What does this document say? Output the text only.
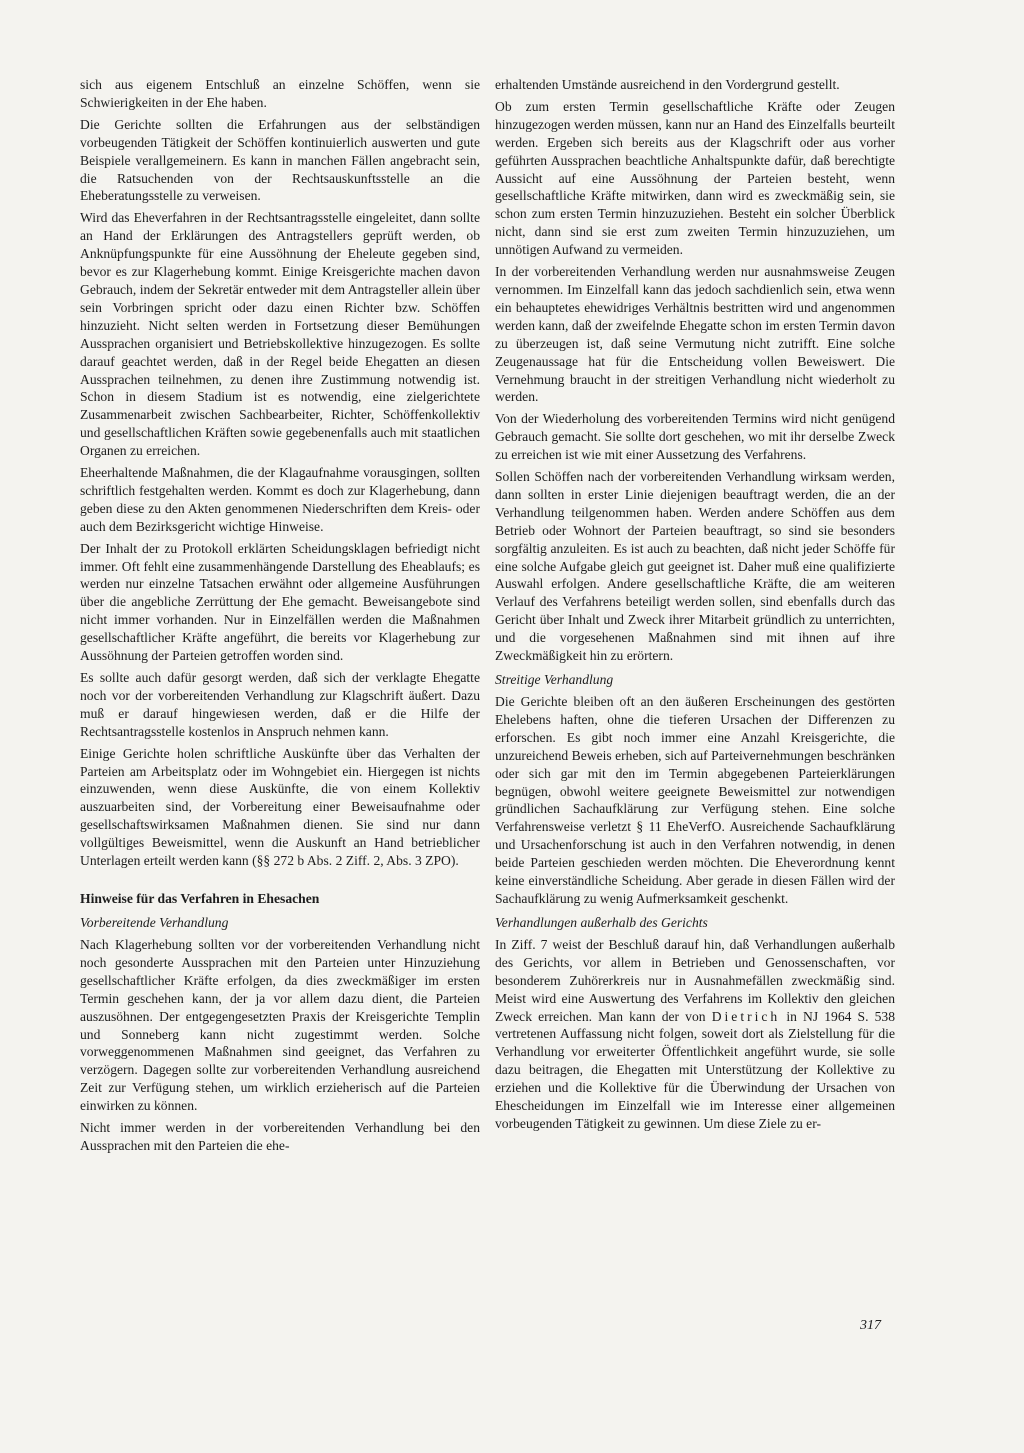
sich aus eigenem Entschluß an einzelne Schöffen, wenn sie Schwierigkeiten in der Ehe haben.

Die Gerichte sollten die Erfahrungen aus der selbständigen vorbeugenden Tätigkeit der Schöffen kontinuierlich auswerten und gute Beispiele verallgemeinern. Es kann in manchen Fällen angebracht sein, die Ratsuchenden von der Rechtsauskunftsstelle an die Eheberatungsstelle zu verweisen.

Wird das Eheverfahren in der Rechtsantragsstelle eingeleitet, dann sollte an Hand der Erklärungen des Antragstellers geprüft werden, ob Anknüpfungspunkte für eine Aussöhnung der Eheleute gegeben sind, bevor es zur Klagerhebung kommt. Einige Kreisgerichte machen davon Gebrauch, indem der Sekretär entweder mit dem Antragsteller allein über sein Vorbringen spricht oder dazu einen Richter bzw. Schöffen hinzuzieht. Nicht selten werden in Fortsetzung dieser Bemühungen Aussprachen organisiert und Betriebskollektive hinzugezogen. Es sollte darauf geachtet werden, daß in der Regel beide Ehegatten an diesen Aussprachen teilnehmen, zu denen ihre Zustimmung notwendig ist. Schon in diesem Stadium ist es notwendig, eine zielgerichtete Zusammenarbeit zwischen Sachbearbeiter, Richter, Schöffenkollektiv und gesellschaftlichen Kräften sowie gegebenenfalls auch mit staatlichen Organen zu erreichen.

Eheerhaltende Maßnahmen, die der Klagaufnahme vorausgingen, sollten schriftlich festgehalten werden. Kommt es doch zur Klagerhebung, dann geben diese zu den Akten genommenen Niederschriften dem Kreis- oder auch dem Bezirksgericht wichtige Hinweise.

Der Inhalt der zu Protokoll erklärten Scheidungsklagen befriedigt nicht immer. Oft fehlt eine zusammenhängende Darstellung des Eheablaufs; es werden nur einzelne Tatsachen erwähnt oder allgemeine Ausführungen über die angebliche Zerrüttung der Ehe gemacht. Beweisangebote sind nicht immer vorhanden. Nur in Einzelfällen werden die Maßnahmen gesellschaftlicher Kräfte angeführt, die bereits vor Klagerhebung zur Aussöhnung der Parteien getroffen worden sind.

Es sollte auch dafür gesorgt werden, daß sich der verklagte Ehegatte noch vor der vorbereitenden Verhandlung zur Klagschrift äußert. Dazu muß er darauf hingewiesen werden, daß er die Hilfe der Rechtsantragsstelle kostenlos in Anspruch nehmen kann.

Einige Gerichte holen schriftliche Auskünfte über das Verhalten der Parteien am Arbeitsplatz oder im Wohngebiet ein. Hiergegen ist nichts einzuwenden, wenn diese Auskünfte, die von einem Kollektiv auszuarbeiten sind, der Vorbereitung einer Beweisaufnahme oder gesellschaftswirksamen Maßnahmen dienen. Sie sind nur dann vollgültiges Beweismittel, wenn die Auskunft an Hand betrieblicher Unterlagen erteilt werden kann (§§ 272 b Abs. 2 Ziff. 2, Abs. 3 ZPO).

Hinweise für das Verfahren in Ehesachen
Vorbereitende Verhandlung

Nach Klagerhebung sollten vor der vorbereitenden Verhandlung nicht noch gesonderte Aussprachen mit den Parteien unter Hinzuziehung gesellschaftlicher Kräfte erfolgen, da dies zweckmäßiger im ersten Termin geschehen kann, der ja vor allem dazu dient, die Parteien auszusöhnen. Der entgegengesetzten Praxis der Kreisgerichte Templin und Sonneberg kann nicht zugestimmt werden. Solche vorweggenommenen Maßnahmen sind geeignet, das Verfahren zu verzögern. Dagegen sollte zur vorbereitenden Verhandlung ausreichend Zeit zur Verfügung stehen, um wirklich erzieherisch auf die Parteien einwirken zu können.

Nicht immer werden in der vorbereitenden Verhandlung bei den Aussprachen mit den Parteien die ehe-

erhaltenden Umstände ausreichend in den Vordergrund gestellt.

Ob zum ersten Termin gesellschaftliche Kräfte oder Zeugen hinzugezogen werden müssen, kann nur an Hand des Einzelfalls beurteilt werden. Ergeben sich bereits aus der Klagschrift oder aus vorher geführten Aussprachen beachtliche Anhaltspunkte dafür, daß berechtigte Aussicht auf eine Aussöhnung der Parteien besteht, wenn gesellschaftliche Kräfte mitwirken, dann wird es zweckmäßig sein, sie schon zum ersten Termin hinzuzuziehen. Besteht ein solcher Überblick nicht, dann sind sie erst zum zweiten Termin hinzuzuziehen, um unnötigen Aufwand zu vermeiden.

In der vorbereitenden Verhandlung werden nur ausnahmsweise Zeugen vernommen. Im Einzelfall kann das jedoch sachdienlich sein, etwa wenn ein behauptetes ehewidriges Verhältnis bestritten wird und angenommen werden kann, daß der zweifelnde Ehegatte schon im ersten Termin davon zu überzeugen ist, daß seine Vermutung nicht zutrifft. Eine solche Zeugenaussage hat für die Entscheidung vollen Beweiswert. Die Vernehmung braucht in der streitigen Verhandlung nicht wiederholt zu werden.

Von der Wiederholung des vorbereitenden Termins wird nicht genügend Gebrauch gemacht. Sie sollte dort geschehen, wo mit ihr derselbe Zweck zu erreichen ist wie mit einer Aussetzung des Verfahrens.

Sollen Schöffen nach der vorbereitenden Verhandlung wirksam werden, dann sollten in erster Linie diejenigen beauftragt werden, die an der Verhandlung teilgenommen haben. Werden andere Schöffen aus dem Betrieb oder Wohnort der Parteien beauftragt, so sind sie besonders sorgfältig anzuleiten. Es ist auch zu beachten, daß nicht jeder Schöffe für eine solche Aufgabe gleich gut geeignet ist. Daher muß eine qualifizierte Auswahl erfolgen. Andere gesellschaftliche Kräfte, die am weiteren Verlauf des Verfahrens beteiligt werden sollen, sind ebenfalls durch das Gericht über Inhalt und Zweck ihrer Mitarbeit gründlich zu unterrichten, und die vorgesehenen Maßnahmen sind mit ihnen auf ihre Zweckmäßigkeit hin zu erörtern.

Streitige Verhandlung

Die Gerichte bleiben oft an den äußeren Erscheinungen des gestörten Ehelebens haften, ohne die tieferen Ursachen der Differenzen zu erforschen. Es gibt noch immer eine Anzahl Kreisgerichte, die unzureichend Beweis erheben, sich auf Parteivernehmungen beschränken oder sich gar mit den im Termin abgegebenen Parteierklärungen begnügen, obwohl weitere geeignete Beweismittel zur notwendigen gründlichen Sachaufklärung zur Verfügung stehen. Eine solche Verfahrensweise verletzt § 11 EheVerfO. Ausreichende Sachaufklärung und Ursachenforschung ist auch in den Verfahren notwendig, in denen beide Parteien geschieden werden möchten. Die Eheverordnung kennt keine einverständliche Scheidung. Aber gerade in diesen Fällen wird der Sachaufklärung zu wenig Aufmerksamkeit geschenkt.

Verhandlungen außerhalb des Gerichts

In Ziff. 7 weist der Beschluß darauf hin, daß Verhandlungen außerhalb des Gerichts, vor allem in Betrieben und Genossenschaften, vor besonderem Zuhörerkreis nur in Ausnahmefällen zweckmäßig sind. Meist wird eine Auswertung des Verfahrens im Kollektiv den gleichen Zweck erreichen. Man kann der von Dietrich in NJ 1964 S. 538 vertretenen Auffassung nicht folgen, soweit dort als Zielstellung für die Verhandlung vor erweiterter Öffentlichkeit angeführt wurde, sie solle dazu beitragen, die Ehegatten mit Unterstützung der Kollektive zu erziehen und die Kollektive für die Überwindung der Ursachen von Ehescheidungen im Einzelfall wie im Interesse einer allgemeinen vorbeugenden Tätigkeit zu gewinnen. Um diese Ziele zu er-

317
